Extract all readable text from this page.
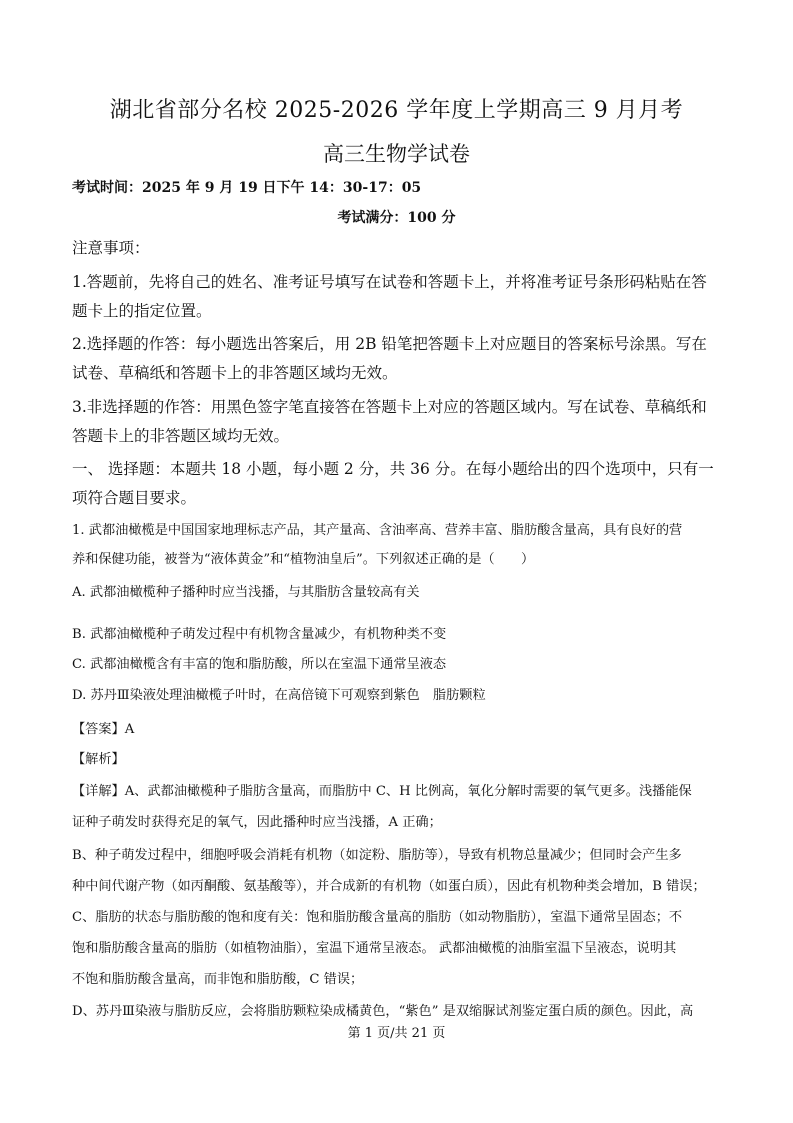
湖北省部分名校 2025-2026 学年度上学期高三 9 月月考
高三生物学试卷
考试时间：2025 年 9 月 19 日下午 14：30-17：05
考试满分：100 分
注意事项：
1.答题前，先将自己的姓名、准考证号填写在试卷和答题卡上，并将准考证号条形码粘贴在答
题卡上的指定位置。
2.选择题的作答：每小题选出答案后，用 2B 铅笔把答题卡上对应题目的答案标号涂黑。写在
试卷、草稿纸和答题卡上的非答题区域均无效。
3.非选择题的作答：用黑色签字笔直接答在答题卡上对应的答题区域内。写在试卷、草稿纸和
答题卡上的非答题区域均无效。
一、 选择题：本题共 18 小题，每小题 2 分，共 36 分。在每小题给出的四个选项中，只有一
项符合题目要求。
1. 武都油橄榄是中国国家地理标志产品，其产量高、含油率高、营养丰富、脂肪酸含量高，具有良好的营
养和保健功能，被誉为“液体黄金”和“植物油皇后”。下列叙述正确的是（　　）
A. 武都油橄榄种子播种时应当浅播，与其脂肪含量较高有关
B. 武都油橄榄种子萌发过程中有机物含量减少，有机物种类不变
C. 武都油橄榄含有丰富的饱和脂肪酸，所以在室温下通常呈液态
D. 苏丹Ⅲ染液处理油橄榄子叶时，在高倍镜下可观察到紫色　脂肪颗粒
【答案】A
【解析】
【详解】A、武都油橄榄种子脂肪含量高，而脂肪中 C、H 比例高，氧化分解时需要的氧气更多。浅播能保
证种子萌发时获得充足的氧气，因此播种时应当浅播，A 正确；
B、种子萌发过程中，细胞呼吸会消耗有机物（如淀粉、脂肪等），导致有机物总量减少；但同时会产生多
种中间代谢产物（如丙酮酸、氨基酸等），并合成新的有机物（如蛋白质），因此有机物种类会增加，B 错误；
C、脂肪的状态与脂肪酸的饱和度有关：饱和脂肪酸含量高的脂肪（如动物脂肪），室温下通常呈固态；不
饱和脂肪酸含量高的脂肪（如植物油脂），室温下通常呈液态。 武都油橄榄的油脂室温下呈液态，说明其
不饱和脂肪酸含量高，而非饱和脂肪酸，C 错误；
D、苏丹Ⅲ染液与脂肪反应，会将脂肪颗粒染成橘黄色，“紫色” 是双缩脲试剂鉴定蛋白质的颜色。因此，高
第 1 页/共 21 页
